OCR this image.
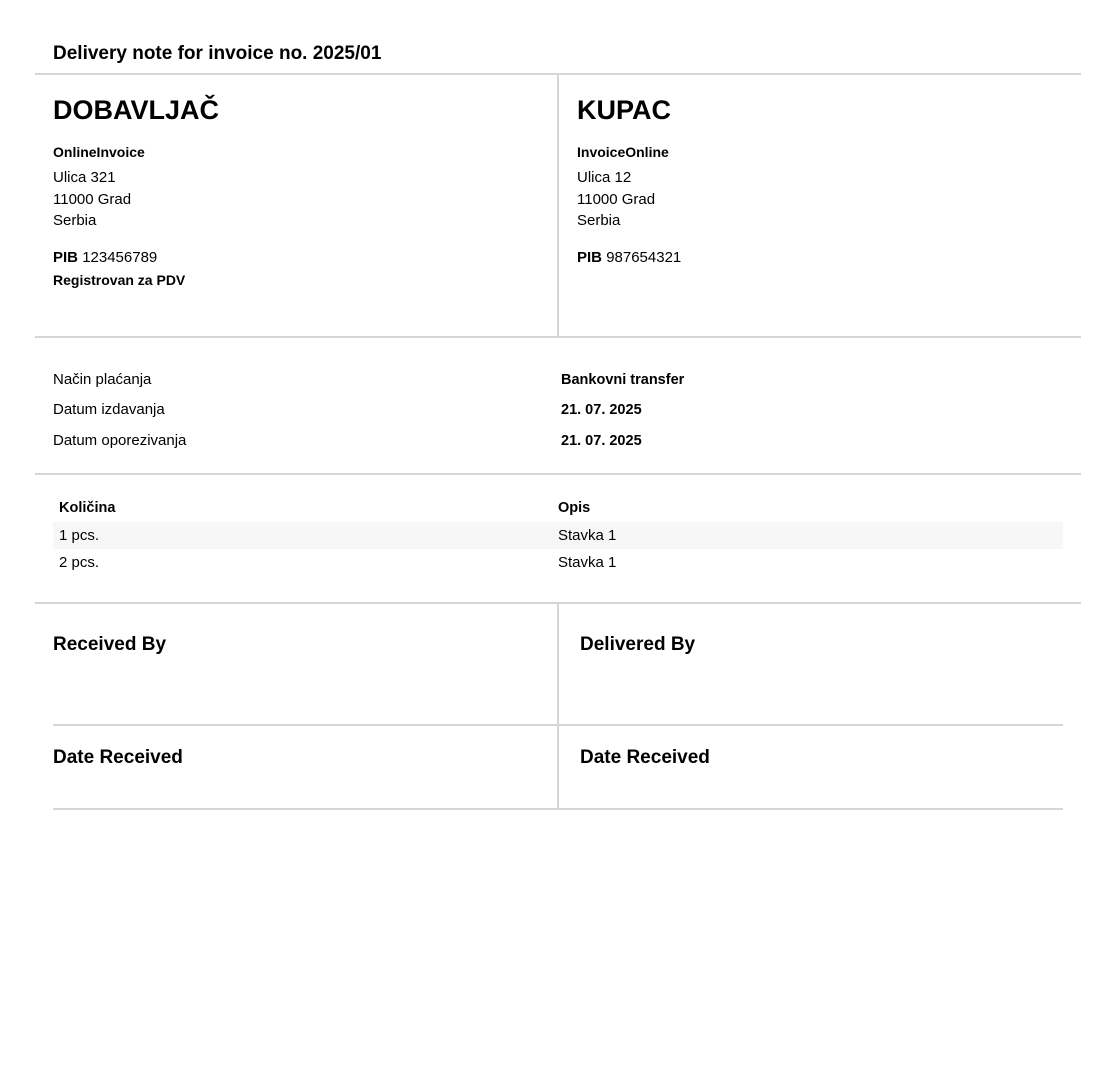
Delivery note for invoice no. 2025/01
DOBAVLJAČ
OnlineInvoice
Ulica 321
11000 Grad
Serbia
PIB 123456789
Registrovan za PDV
KUPAC
InvoiceOnline
Ulica 12
11000 Grad
Serbia
PIB 987654321
Način plaćanja	Bankovni transfer
Datum izdavanja	21. 07. 2025
Datum oporezivanja	21. 07. 2025
Količina	Opis
1 pcs.	Stavka 1
2 pcs.	Stavka 1
Received By	Delivered By
Date Received	Date Received
